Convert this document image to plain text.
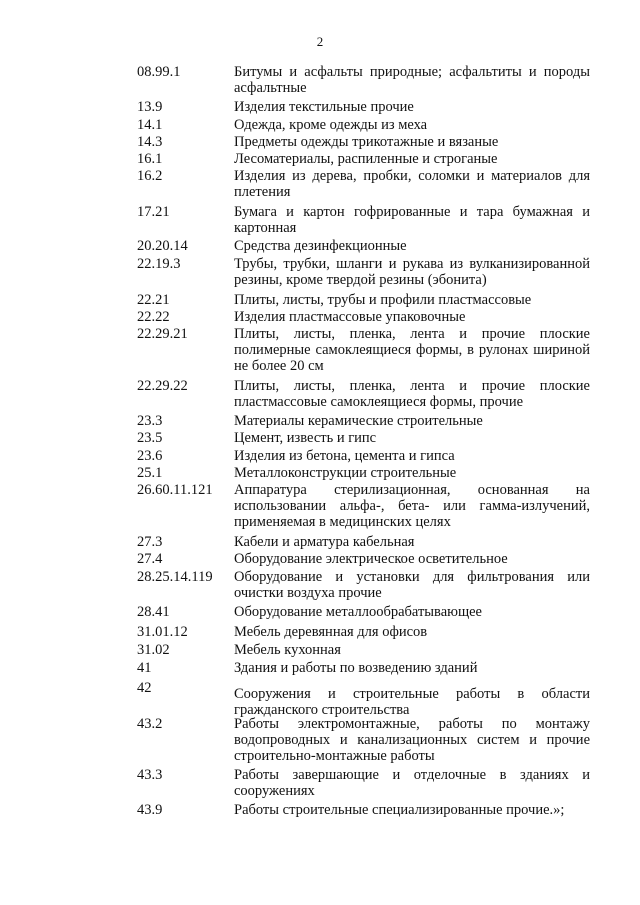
2
08.99.1	Битумы и асфальты природные; асфальтиты и породы асфальтные
13.9	Изделия текстильные прочие
14.1	Одежда, кроме одежды из меха
14.3	Предметы одежды трикотажные и вязаные
16.1	Лесоматериалы, распиленные и строганые
16.2	Изделия из дерева, пробки, соломки и материалов для плетения
17.21	Бумага и картон гофрированные и тара бумажная и картонная
20.20.14	Средства дезинфекционные
22.19.3	Трубы, трубки, шланги и рукава из вулканизированной резины, кроме твердой резины (эбонита)
22.21	Плиты, листы, трубы и профили пластмассовые
22.22	Изделия пластмассовые упаковочные
22.29.21	Плиты, листы, пленка, лента и прочие плоские полимерные самоклеящиеся формы, в рулонах шириной не более 20 см
22.29.22	Плиты, листы, пленка, лента и прочие плоские пластмассовые самоклеящиеся формы, прочие
23.3	Материалы керамические строительные
23.5	Цемент, известь и гипс
23.6	Изделия из бетона, цемента и гипса
25.1	Металлоконструкции строительные
26.60.11.121 Аппаратура стерилизационная, основанная на использовании альфа-, бета- или гамма-излучений, применяемая в медицинских целях
27.3	Кабели и арматура кабельная
27.4	Оборудование электрическое осветительное
28.25.14.119 Оборудование и установки для фильтрования или очистки воздуха прочие
28.41	Оборудование металлообрабатывающее
31.01.12	Мебель деревянная для офисов
31.02	Мебель кухонная
41	Здания и работы по возведению зданий
42	Сооружения и строительные работы в области гражданского строительства
43.2	Работы электромонтажные, работы по монтажу водопроводных и канализационных систем и прочие строительно-монтажные работы
43.3	Работы завершающие и отделочные в зданиях и сооружениях
43.9	Работы строительные специализированные прочие.»;
